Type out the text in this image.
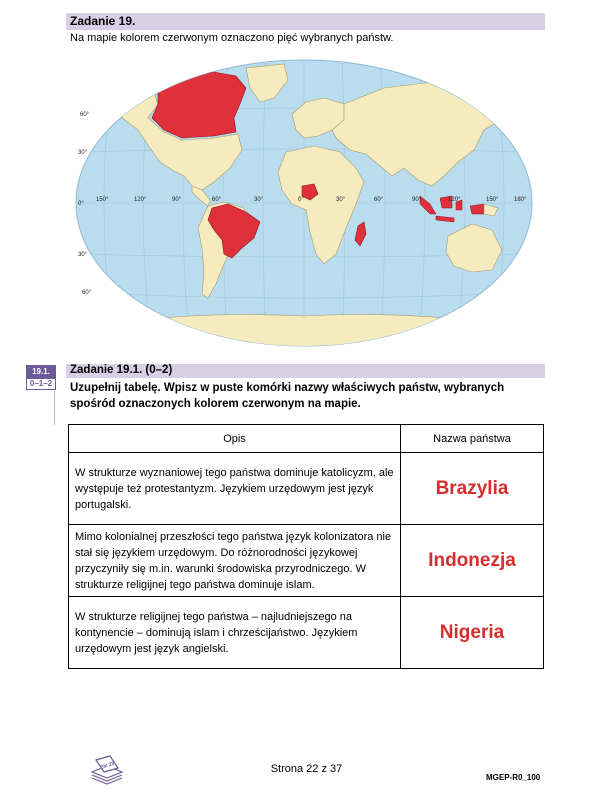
Zadanie 19.
Na mapie kolorem czerwonym oznaczono pięć wybranych państw.
60°
30°
0°
30°
60°
150°	120°	90°	60°	30°	0°	30°	60°	90°	120°	150°	180°
19.1.
0–1–2
Zadanie 19.1. (0–2)
Uzupełnij tabelę. Wpisz w puste komórki nazwy właściwych państw, wybranych spośród oznaczonych kolorem czerwonym na mapie.
Opis	Nazwa państwa
W strukturze wyznaniowej tego państwa dominuje katolicyzm, ale występuje też protestantyzm. Językiem urzędowym jest język portugalski.	Brazylia
Mimo kolonialnej przeszłości tego państwa język kolonizatora nie stał się językiem urzędowym. Do różnorodności językowej przyczyniły się m.in. warunki środowiska przyrodniczego. W strukturze religijnej tego państwa dominuje islam.	Indonezja
W strukturze religijnej tego państwa – najludniejszego na kontynencie – dominują islam i chrześcijaństwo. Językiem urzędowym jest język angielski.	Nigeria
EM 23	Strona 22 z 37
MGEP-R0_100
